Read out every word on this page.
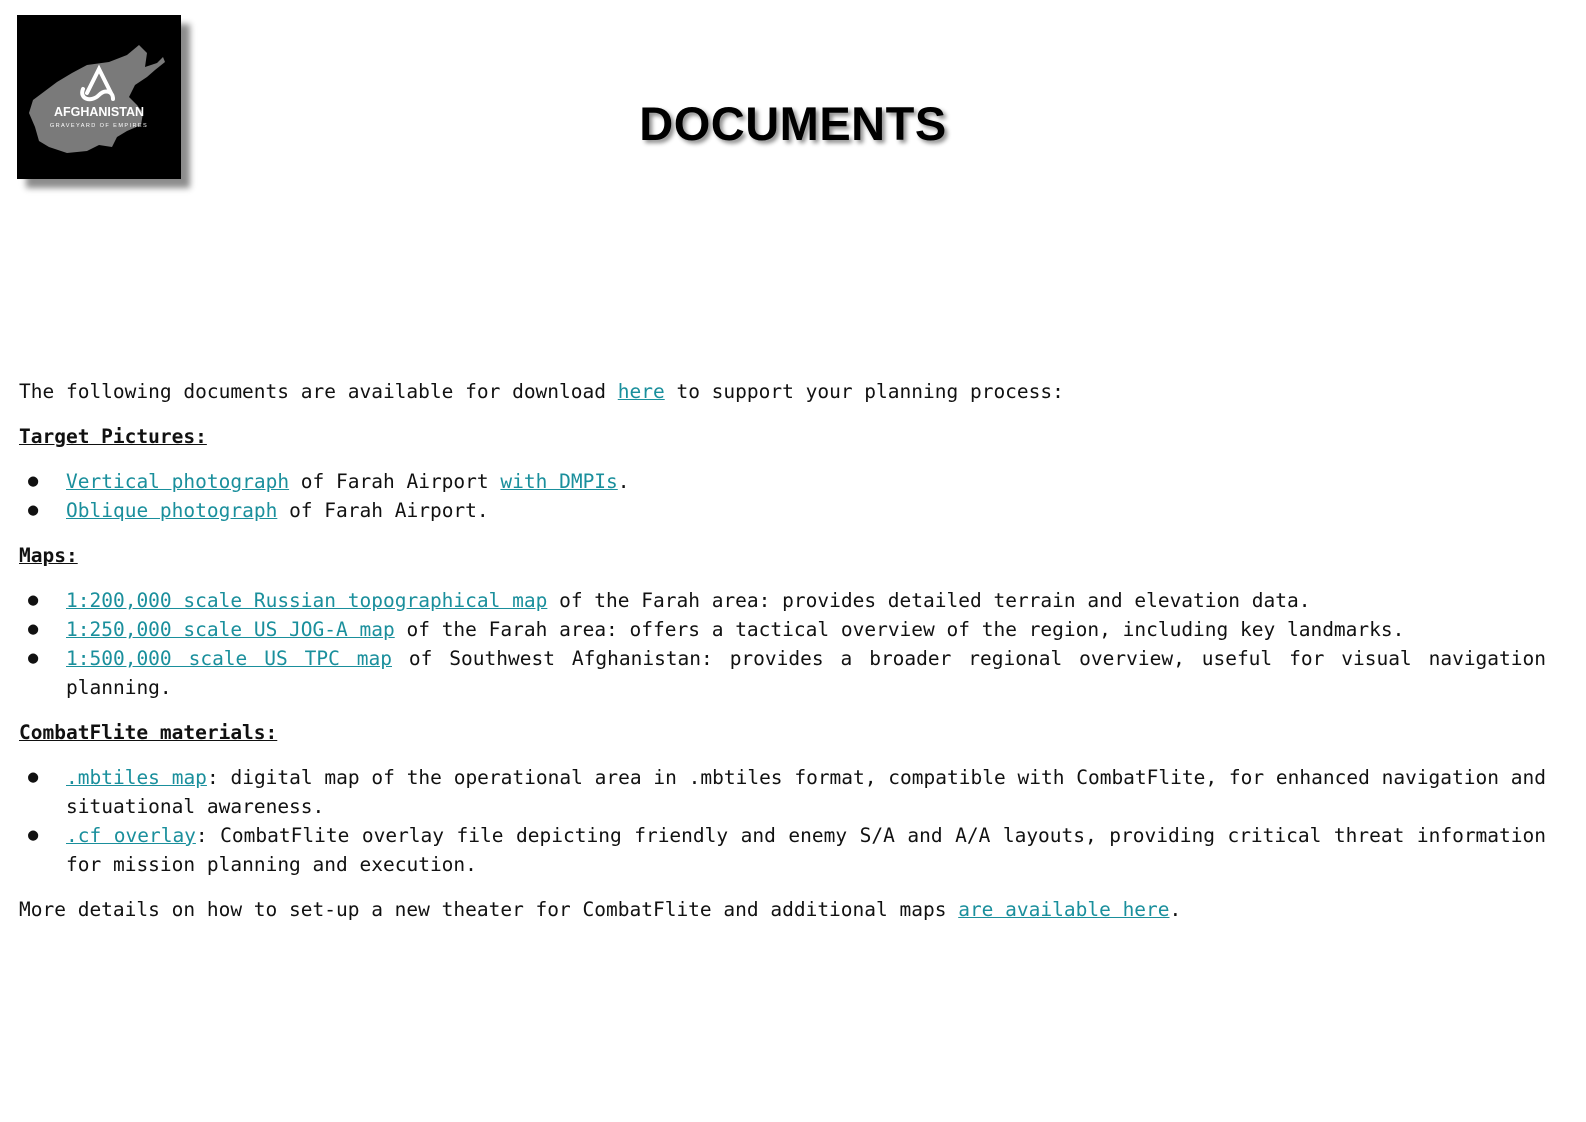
AFGHANISTAN
GRAVEYARD OF EMPIRES	DOCUMENTS

The following documents are available for download here to support your planning process:

Target Pictures:

● Vertical photograph of Farah Airport with DMPIs.
● Oblique photograph of Farah Airport.

Maps:

● 1:200,000 scale Russian topographical map of the Farah area: provides detailed terrain and elevation data.
● 1:250,000 scale US JOG-A map of the Farah area: offers a tactical overview of the region, including key landmarks.
● 1:500,000 scale US TPC map of Southwest Afghanistan: provides a broader regional overview, useful for visual navigation planning.

CombatFlite materials:

● .mbtiles map: digital map of the operational area in .mbtiles format, compatible with CombatFlite, for enhanced navigation and situational awareness.
● .cf overlay: CombatFlite overlay file depicting friendly and enemy S/A and A/A layouts, providing critical threat information for mission planning and execution.

More details on how to set-up a new theater for CombatFlite and additional maps are available here.
